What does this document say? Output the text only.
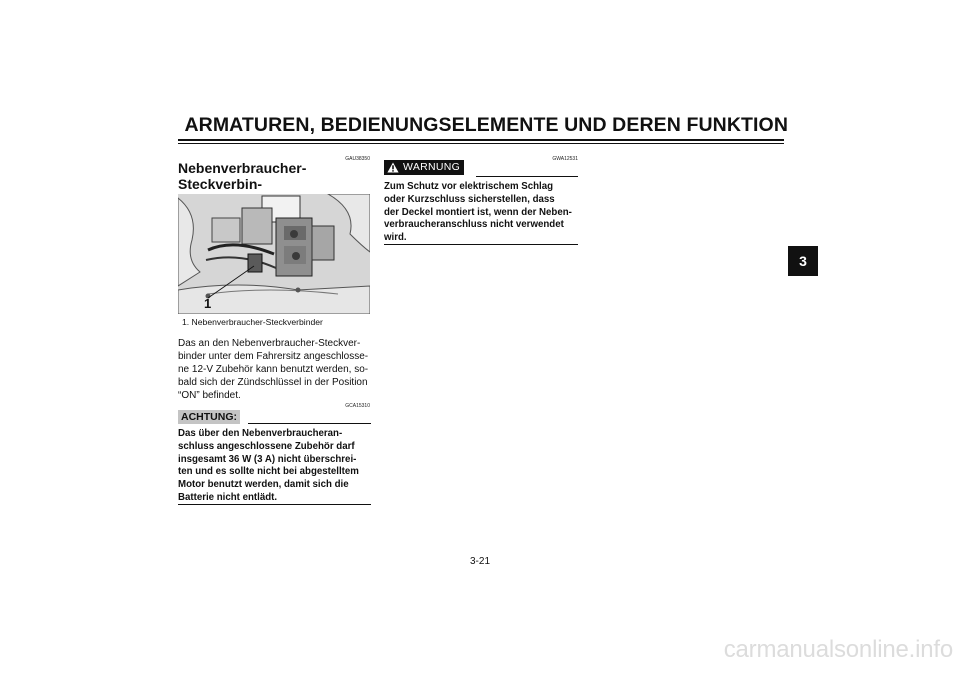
ARMATUREN, BEDIENUNGSELEMENTE UND DEREN FUNKTION
3
GAU38350
Nebenverbraucher-Steckverbin-

1
1. Nebenverbraucher-Steckverbinder
Das an den Nebenverbraucher-Steckver-
binder unter dem Fahrersitz angeschlosse-
ne 12-V Zubehör kann benutzt werden, so-
bald sich der Zündschlüssel in der Position
“ON” befindet.
GCA15310
ACHTUNG:
Das über den Nebenverbraucheran-
schluss angeschlossene Zubehör darf
insgesamt 36 W (3 A) nicht überschrei-
ten und es sollte nicht bei abgestelltem
Motor benutzt werden, damit sich die
Batterie nicht entlädt.
GWA12531
WARNUNG
Zum Schutz vor elektrischem Schlag
oder Kurzschluss sicherstellen, dass
der Deckel montiert ist, wenn der Neben-
verbraucheranschluss nicht verwendet
wird.
3-21
carmanualsonline.info
